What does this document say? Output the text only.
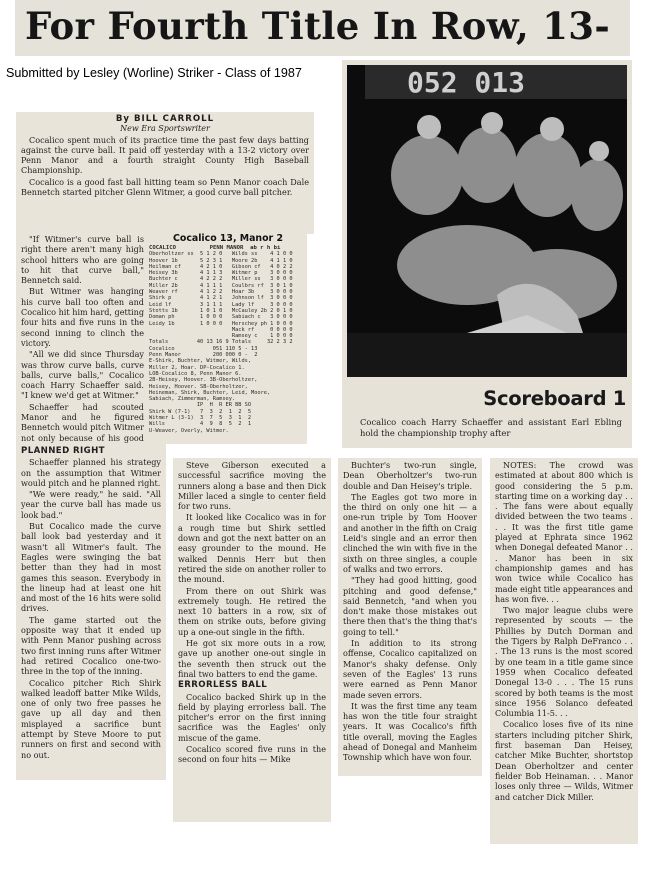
For Fourth Title In Row, 13-
Submitted by Lesley (Worline) Striker - Class of 1987
By BILL CARROLL
New Era Sportswriter

Cocalico spent much of its practice time the past few days batting against the curve ball. It paid off yesterday with a 13-2 victory over Penn Manor and a fourth straight County High Baseball Championship.

Cocalico is a good fast ball hitting team so Penn Manor coach Dale Bennetch started pitcher Glenn Witmer, a good curve ball pitcher.

"If Witmer's curve ball is right there aren't many high school hitters who are going to hit that curve ball," Bennetch said.

But Witmer was hanging his curve ball too often and Cocalico hit him hard, getting four hits and five runs in the second inning to clinch the victory.

"All we did since Thursday was throw curve balls, curve balls, curve balls," Cocalico coach Harry Schaeffer said. "I knew we'd get at Witmer."

Schaeffer had scouted Manor and he figured Bennetch would pitch Witmer not only because of his good

Cocalico 13, Manor 2
COCALICO	PENN MANOR ab r h bi
Oberholtzer ss  5 1 2 0   Wilds ss    4 1 0 0
Hoover 1b       5 2 3 1   Moore 2b    4 1 1 0
Heilman cf      4 2 1 0   Gibson cf   4 0 2 2
Heisey 3b       4 1 1 3   Witmer p    3 0 0 0
Buchter c       4 2 2 2   Miller ss   3 0 0 0
Miller 2b       4 1 1 1   Coulbrs rf  3 0 1 0
Weaver rf       4 1 2 2   Hoar 3b     3 0 0 0
Shirk p         4 1 2 1   Johnson lf  3 0 0 0
Leid lf         3 1 1 1   Lady lf     3 0 0 0
Stotts 1b       1 0 1 0   McCauley 2b 2 0 1 0
Doman ph        1 0 0 0   Sabiach c   3 0 0 0
Leidy 1b        1 0 0 0   Herschey ph 1 0 0 0
Mack rf     0 0 0 0
Ramsey c    1 0 0 0
Totals         40 13 16 9 Totals     32 2 3 2
Cocalico            051 110 5 - 13
Penn Manor          200 000 0 -  2
E-Shirk, Buchter, Witmer, Wilds,
Miller 2, Hoar. DP-Cocalico 1.
LOB-Cocalico 8, Penn Manor 6.
2B-Heisey, Hoover. 3B-Oberholtzer,
Heisey, Hoover. SB-Oberholtzer,
Heineman, Shirk, Buchter, Leid, Moore,
Sabiach, Zimmerman, Ramsey.
IP  H  R ER BB SO
Shirk W (7-1)   7  3  2  1  2  5
Witmer L (3-1)  3  7  5  3  1  2
Wills           4  9  8  5  2  1
U-Weaver, Overly, Witmer.

PLANNED RIGHT

Schaeffer planned his strategy on the assumption that Witmer would pitch and he planned right.

"We were ready," he said. "All year the curve ball has made us look bad."

But Cocalico made the curve ball look bad yesterday and it wasn't all Witmer's fault. The Eagles were swinging the bat better than they had in most games this season. Everybody in the lineup had at least one hit and most of the 16 hits were solid drives.

The game started out the opposite way that it ended up with Penn Manor pushing across two first inning runs after Witmer had retired Cocalico one-two-three in the top of the inning.

Cocalico pitcher Rich Shirk walked leadoff batter Mike Wilds, one of only two free passes he gave up all day and then misplayed a sacrifice bunt attempt by Steve Moore to put runners on first and second with no out.

Steve Giberson executed a successful sacrifice moving the runners along a base and then Dick Miller laced a single to center field for two runs.

It looked like Cocalico was in for a rough time but Shirk settled down and got the next batter on an easy grounder to the mound. He walked Dennis Herr but then retired the side on another roller to the mound.

From there on out Shirk was extremely tough. He retired the next 10 batters in a row, six of them on strike outs, before giving up a one-out single in the fifth.

He got six more outs in a row, gave up another one-out single in the seventh then struck out the final two batters to end the game.

ERRORLESS BALL

Cocalico backed Shirk up in the field by playing errorless ball. The pitcher's error on the first inning sacrifice was the Eagles' only miscue of the game.

Cocalico scored five runs in the second on four hits — Mike

Buchter's two-run single, Dean Oberholtzer's two-run double and Dan Heisey's triple.

The Eagles got two more in the third on only one hit — a one-run triple by Tom Hoover and another in the fifth on Craig Leid's single and an error then clinched the win with five in the sixth on three singles, a couple of walks and two errors.

"They had good hitting, good pitching and good defense," said Bennetch, "and when you don't make those mistakes out there then that's the thing that's going to tell."

In addition to its strong offense, Cocalico capitalized on Manor's shaky defense. Only seven of the Eagles' 13 runs were earned as Penn Manor made seven errors.

It was the first time any team has won the title four straight years. It was Cocalico's fifth title overall, moving the Eagles ahead of Donegal and Manheim Township which have won four.

NOTES: The crowd was estimated at about 800 which is good considering the 5 p.m. starting time on a working day . . . The fans were about equally divided between the two teams . . . It was the first title game played at Ephrata since 1962 when Donegal defeated Manor . . . Manor has been in six championship games and has won twice while Cocalico has made eight title appearances and has won five. . .

Two major league clubs were represented by scouts — the Phillies by Dutch Dorman and the Tigers by Ralph DeFranco . . . The 13 runs is the most scored by one team in a title game since 1959 when Cocalico defeated Donegal 13-0 . . . The 15 runs scored by both teams is the most since 1956 Solanco defeated Columbia 11-5. . .

Cocalico loses five of its nine starters including pitcher Shirk, first baseman Dan Heisey, catcher Mike Buchter, shortstop Dean Oberholtzer and center fielder Bob Heinaman. . . Manor loses only three — Wilds, Witmer and catcher Dick Miller.

052 013
Scoreboard 1
Cocalico coach Harry Schaeffer and assistant Earl Ebling hold the championship trophy after
